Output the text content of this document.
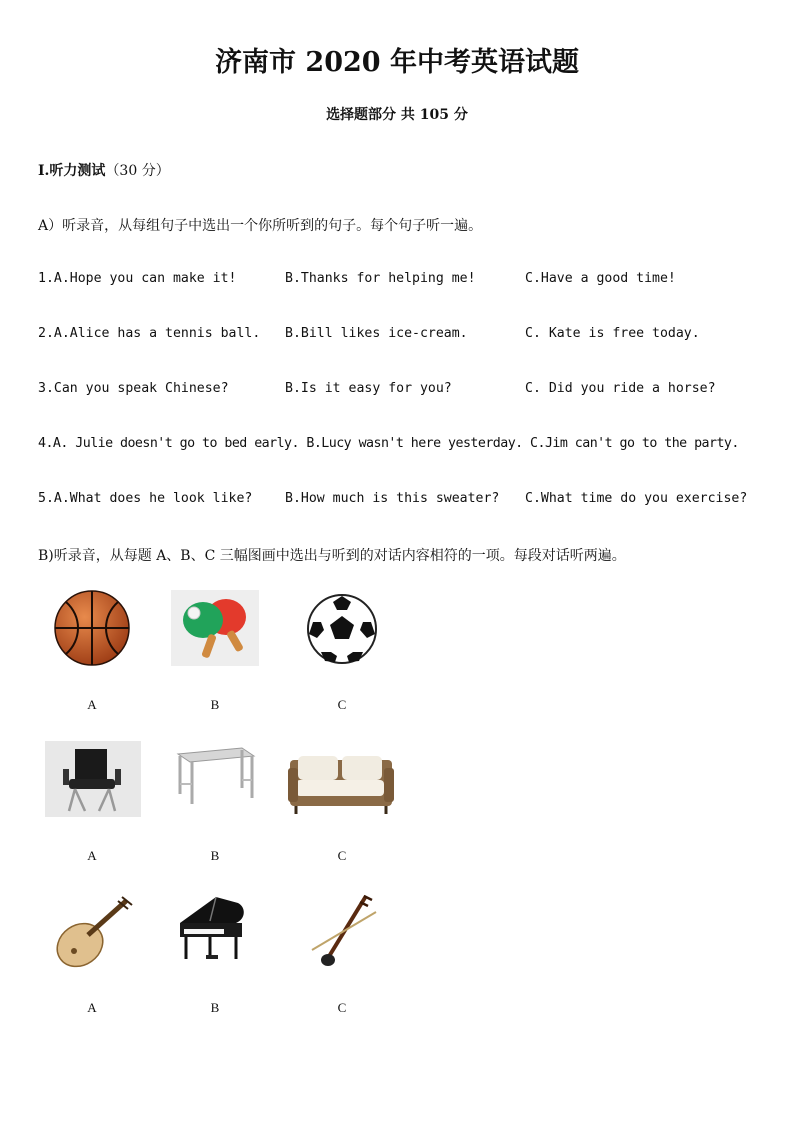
济南市 2020 年中考英语试题
选择题部分 共 105 分
I.听力测试（30 分）
A）听录音，从每组句子中选出一个你所听到的句子。每个句子听一遍。
1.A.Hope you can make it!	B.Thanks for helping me!	C.Have a good time!
2.A.Alice has a tennis ball. B.Bill likes ice-cream.	C. Kate is free today.
3.Can you speak Chinese?	B.Is it easy for you?	C. Did you ride a horse?
4.A. Julie doesn't go to bed early. B.Lucy wasn't here yesterday. C.Jim can't go to the party.
5.A.What does he look like? B.How much is this sweater? C.What time do you exercise?
B)听录音，从每题 A、B、C 三幅图画中选出与听到的对话内容相符的一项。每段对话听两遍。
A	B	C
A	B	C
A	B	C
